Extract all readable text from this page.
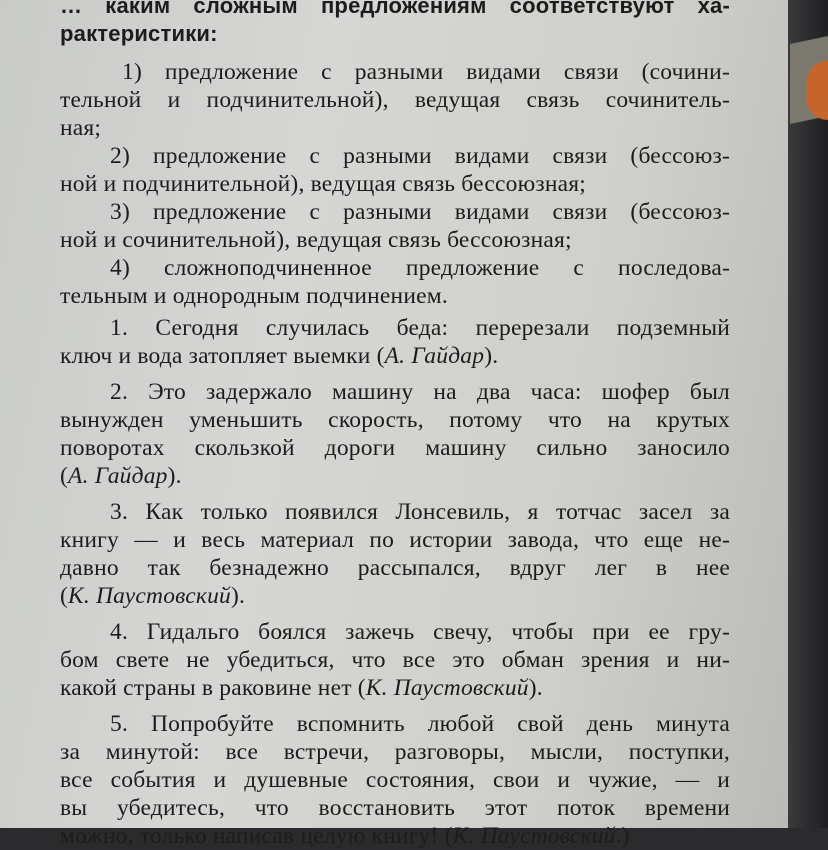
… каким сложным предложениям соответствуют ха-
рактеристики:
1) предложение с разными видами связи (сочини-
тельной и подчинительной), ведущая связь сочинитель-
ная;
2) предложение с разными видами связи (бессоюз-
ной и подчинительной), ведущая связь бессоюзная;
3) предложение с разными видами связи (бессоюз-
ной и сочинительной), ведущая связь бессоюзная;
4) сложноподчиненное предложение с последова-
тельным и однородным подчинением.
1. Сегодня случилась беда: перерезали подземный
ключ и вода затопляет выемки (А. Гайдар).
2. Это задержало машину на два часа: шофер был
вынужден уменьшить скорость, потому что на крутых
поворотах скользкой дороги машину сильно заносило
(А. Гайдар).
3. Как только появился Лонсевиль, я тотчас засел за
книгу — и весь материал по истории завода, что еще не-
давно так безнадежно рассыпался, вдруг лег в нее
(К. Паустовский).
4. Гидальго боялся зажечь свечу, чтобы при ее гру-
бом свете не убедиться, что все это обман зрения и ни-
какой страны в раковине нет (К. Паустовский).
5. Попробуйте вспомнить любой свой день минута
за минутой: все встречи, разговоры, мысли, поступки,
все события и душевные состояния, свои и чужие, — и
вы убедитесь, что восстановить этот поток времени
можно, только написав целую книгу! (К. Паустовский.)
